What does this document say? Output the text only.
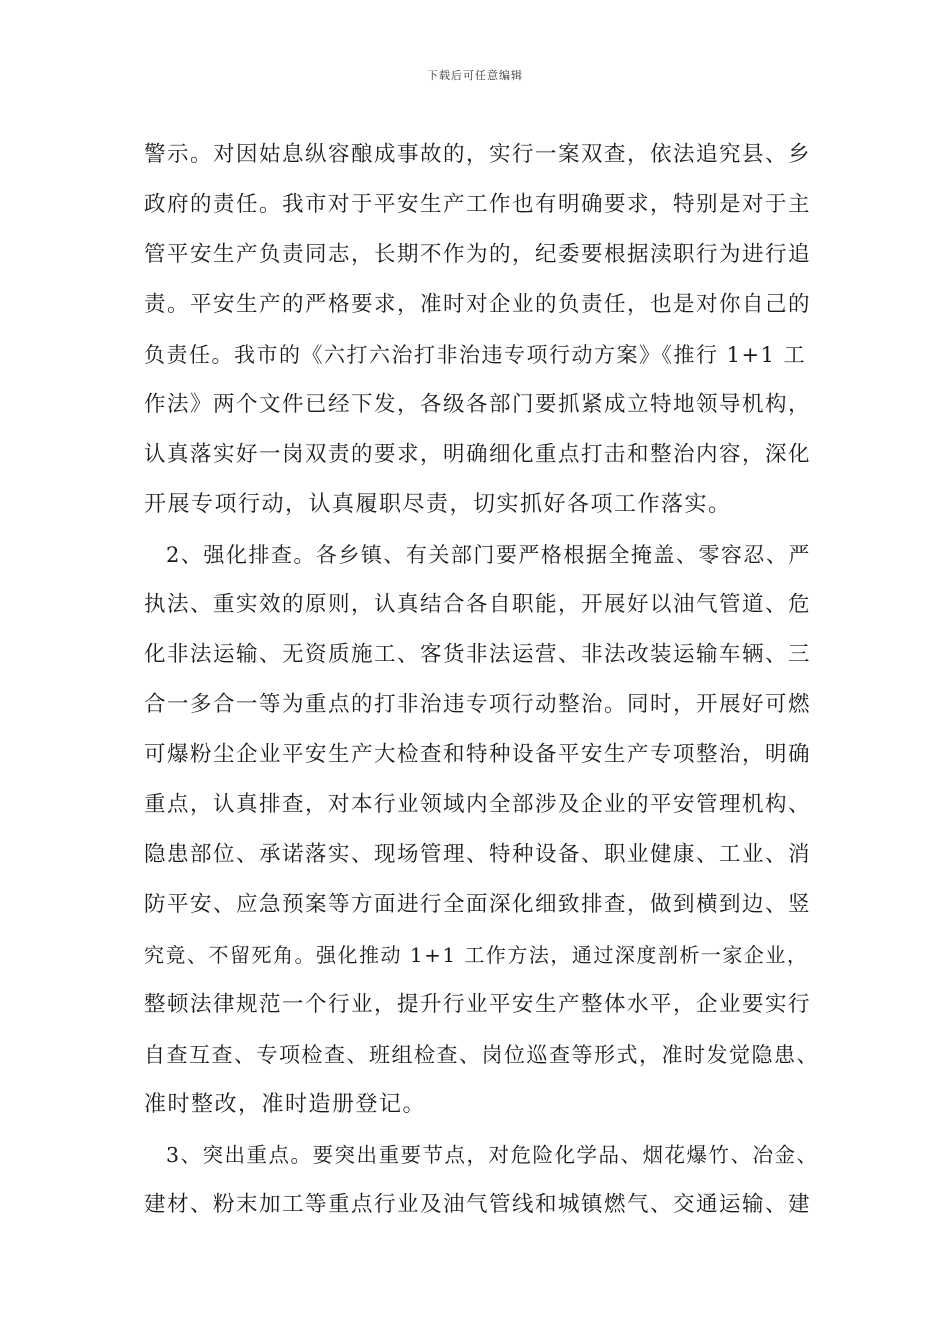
下载后可任意编辑
警示。对因姑息纵容酿成事故的，实行一案双查，依法追究县、乡
政府的责任。我市对于平安生产工作也有明确要求，特别是对于主
管平安生产负责同志，长期不作为的，纪委要根据渎职行为进行追
责。平安生产的严格要求，准时对企业的负责任，也是对你自己的
负责任。我市的《六打六治打非治违专项行动方案》《推行 1+1 工
作法》两个文件已经下发，各级各部门要抓紧成立特地领导机构，
认真落实好一岗双责的要求，明确细化重点打击和整治内容，深化
开展专项行动，认真履职尽责，切实抓好各项工作落实。
2、强化排查。各乡镇、有关部门要严格根据全掩盖、零容忍、严
执法、重实效的原则，认真结合各自职能，开展好以油气管道、危
化非法运输、无资质施工、客货非法运营、非法改装运输车辆、三
合一多合一等为重点的打非治违专项行动整治。同时，开展好可燃
可爆粉尘企业平安生产大检查和特种设备平安生产专项整治，明确
重点，认真排查，对本行业领域内全部涉及企业的平安管理机构、
隐患部位、承诺落实、现场管理、特种设备、职业健康、工业、消
防平安、应急预案等方面进行全面深化细致排查，做到横到边、竖
究竟、不留死角。强化推动 1+1 工作方法，通过深度剖析一家企业，
整顿法律规范一个行业，提升行业平安生产整体水平，企业要实行
自查互查、专项检查、班组检查、岗位巡查等形式，准时发觉隐患、
准时整改，准时造册登记。
3、突出重点。要突出重要节点，对危险化学品、烟花爆竹、冶金、
建材、粉末加工等重点行业及油气管线和城镇燃气、交通运输、建
